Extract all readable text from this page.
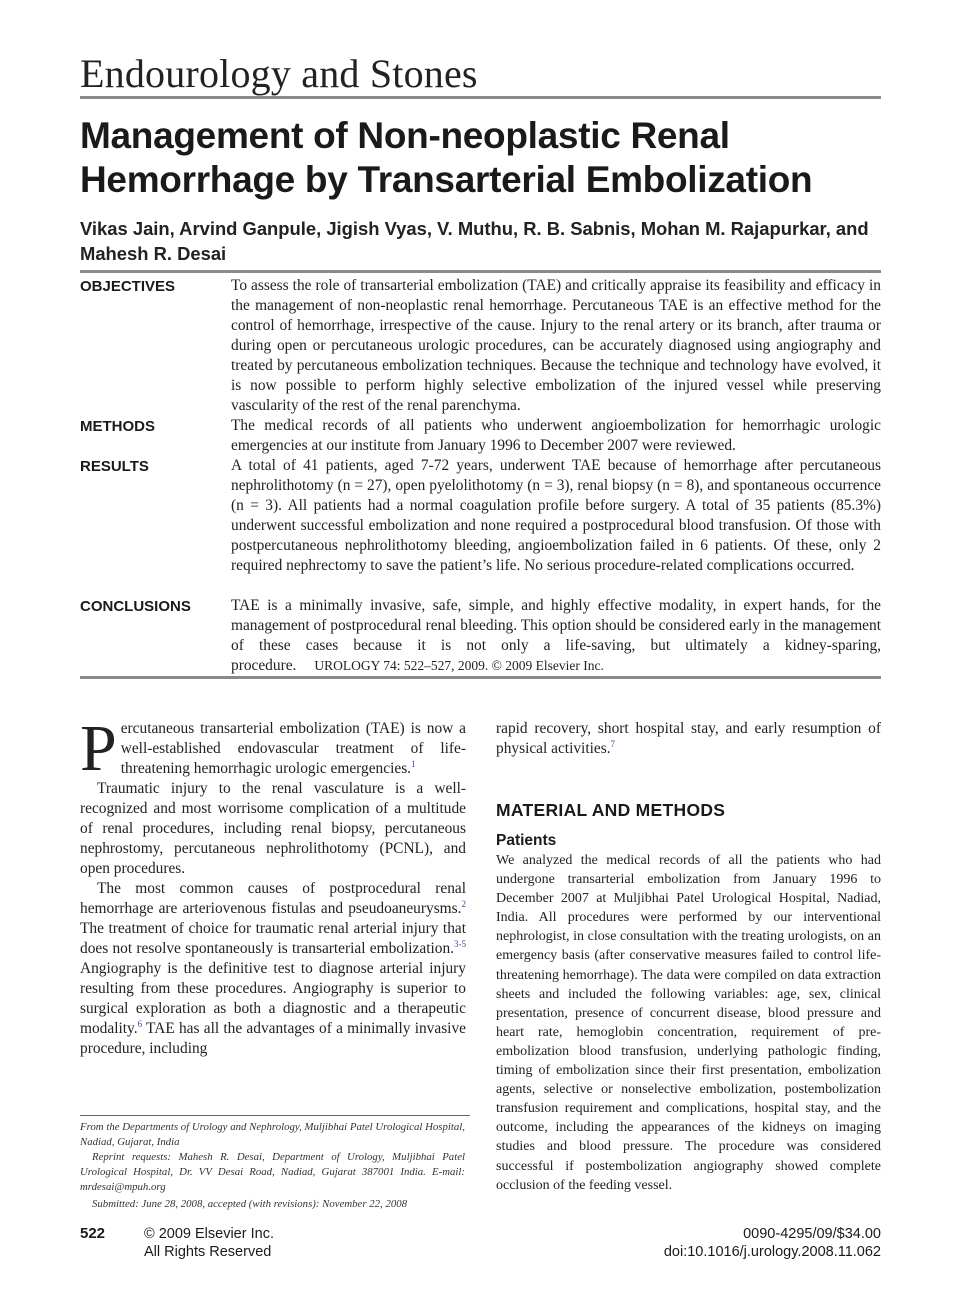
Endourology and Stones
Management of Non-neoplastic Renal Hemorrhage by Transarterial Embolization
Vikas Jain, Arvind Ganpule, Jigish Vyas, V. Muthu, R. B. Sabnis, Mohan M. Rajapurkar, and Mahesh R. Desai
OBJECTIVES	To assess the role of transarterial embolization (TAE) and critically appraise its feasibility and efficacy in the management of non-neoplastic renal hemorrhage. Percutaneous TAE is an effective method for the control of hemorrhage, irrespective of the cause. Injury to the renal artery or its branch, after trauma or during open or percutaneous urologic procedures, can be accurately diagnosed using angiography and treated by percutaneous embolization techniques. Because the technique and technology have evolved, it is now possible to perform highly selective embolization of the injured vessel while preserving vascularity of the rest of the renal parenchyma.
METHODS	The medical records of all patients who underwent angioembolization for hemorrhagic urologic emergencies at our institute from January 1996 to December 2007 were reviewed.
RESULTS	A total of 41 patients, aged 7-72 years, underwent TAE because of hemorrhage after percutaneous nephrolithotomy (n = 27), open pyelolithotomy (n = 3), renal biopsy (n = 8), and spontaneous occurrence (n = 3). All patients had a normal coagulation profile before surgery. A total of 35 patients (85.3%) underwent successful embolization and none required a postprocedural blood transfusion. Of those with postpercutaneous nephrolithotomy bleeding, angioembolization failed in 6 patients. Of these, only 2 required nephrectomy to save the patient’s life. No serious procedure-related complications occurred.
CONCLUSIONS	TAE is a minimally invasive, safe, simple, and highly effective modality, in expert hands, for the management of postprocedural renal bleeding. This option should be considered early in the management of these cases because it is not only a life-saving, but ultimately a kidney-sparing, procedure. UROLOGY 74: 522–527, 2009. © 2009 Elsevier Inc.

Percutaneous transarterial embolization (TAE) is now a well-established endovascular treatment of life-threatening hemorrhagic urologic emergencies.$^1$

Traumatic injury to the renal vasculature is a well-recognized and most worrisome complication of a multitude of renal procedures, including renal biopsy, percutaneous nephrostomy, percutaneous nephrolithotomy (PCNL), and open procedures.

The most common causes of postprocedural renal hemorrhage are arteriovenous fistulas and pseudoaneurysms.$^2$ The treatment of choice for traumatic renal arterial injury that does not resolve spontaneously is transarterial embolization.$^{3-5}$ Angiography is the definitive test to diagnose arterial injury resulting from these procedures. Angiography is superior to surgical exploration as both a diagnostic and a therapeutic modality.$^6$ TAE has all the advantages of a minimally invasive procedure, including

rapid recovery, short hospital stay, and early resumption of physical activities.$^7$

MATERIAL AND METHODS
Patients
We analyzed the medical records of all the patients who had undergone transarterial embolization from January 1996 to December 2007 at Muljibhai Patel Urological Hospital, Nadiad, India. All procedures were performed by our interventional nephrologist, in close consultation with the treating urologists, on an emergency basis (after conservative measures failed to control life-threatening hemorrhage). The data were compiled on data extraction sheets and included the following variables: age, sex, clinical presentation, presence of concurrent disease, blood pressure and heart rate, hemoglobin concentration, requirement of pre-embolization blood transfusion, underlying pathologic finding, timing of embolization since their first presentation, embolization agents, selective or nonselective embolization, postembolization transfusion requirement and complications, hospital stay, and the outcome, including the appearances of the kidneys on imaging studies and blood pressure. The procedure was considered successful if postembolization angiography showed complete occlusion of the feeding vessel.

From the Departments of Urology and Nephrology, Muljibhai Patel Urological Hospital, Nadiad, Gujarat, India

Reprint requests: Mahesh R. Desai, Department of Urology, Muljibhai Patel Urological Hospital, Dr. VV Desai Road, Nadiad, Gujarat 387001 India. E-mail: mrdesai@mpuh.org

Submitted: June 28, 2008, accepted (with revisions): November 22, 2008

522	© 2009 Elsevier Inc.
All Rights Reserved
0090-4295/09/$34.00
doi:10.1016/j.urology.2008.11.062
